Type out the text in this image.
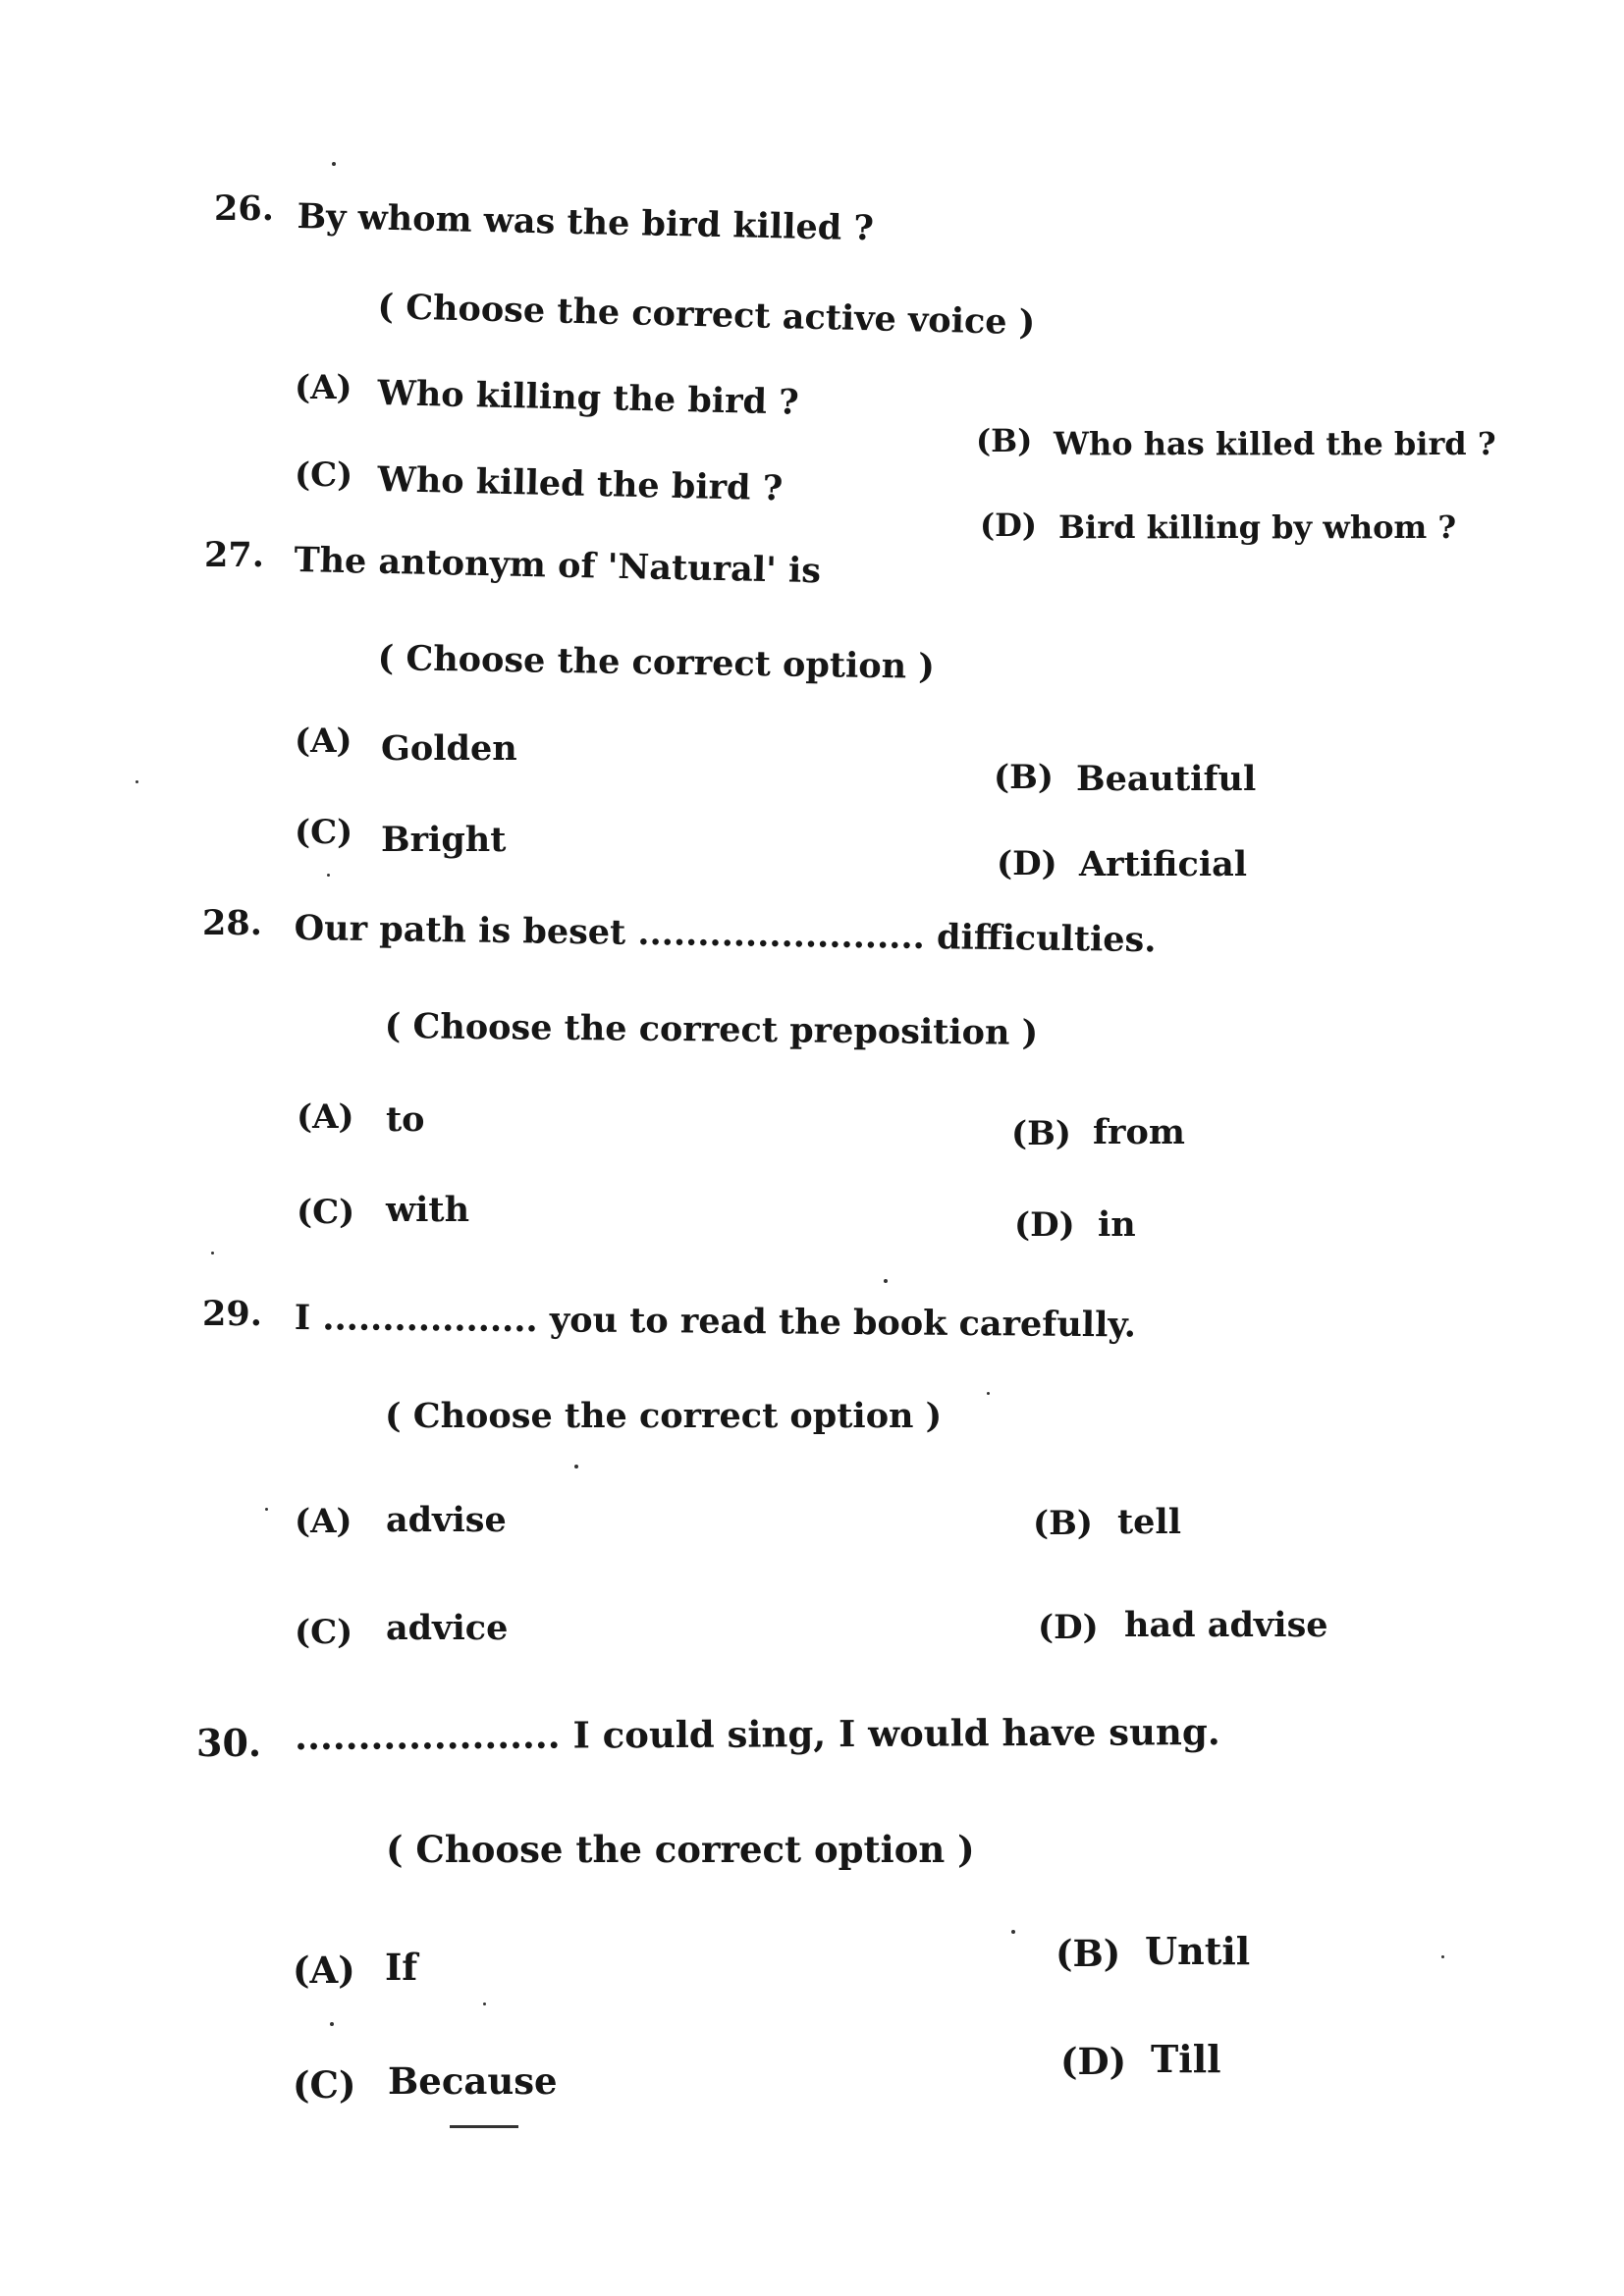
26. By whom was the bird killed ?
( Choose the correct active voice )
(A) Who killing the bird ?
(B) Who has killed the bird ?
(C) Who killed the bird ?
(D) Bird killing by whom ?
27. The antonym of 'Natural' is
( Choose the correct option )
(A) Golden
(B) Beautiful
(C) Bright
(D) Artificial
28. Our path is beset ........................ difficulties.
( Choose the correct preposition )
(A) to	(B) from
(C) with	(D) in
29. I .................. you to read the book carefully.
( Choose the correct option )
(A) advise	(B) tell
(C) advice	(D) had advise
30. ..................... I could sing, I would have sung.
( Choose the correct option )
(A) If	(B) Until
(C) Because	(D) Till
